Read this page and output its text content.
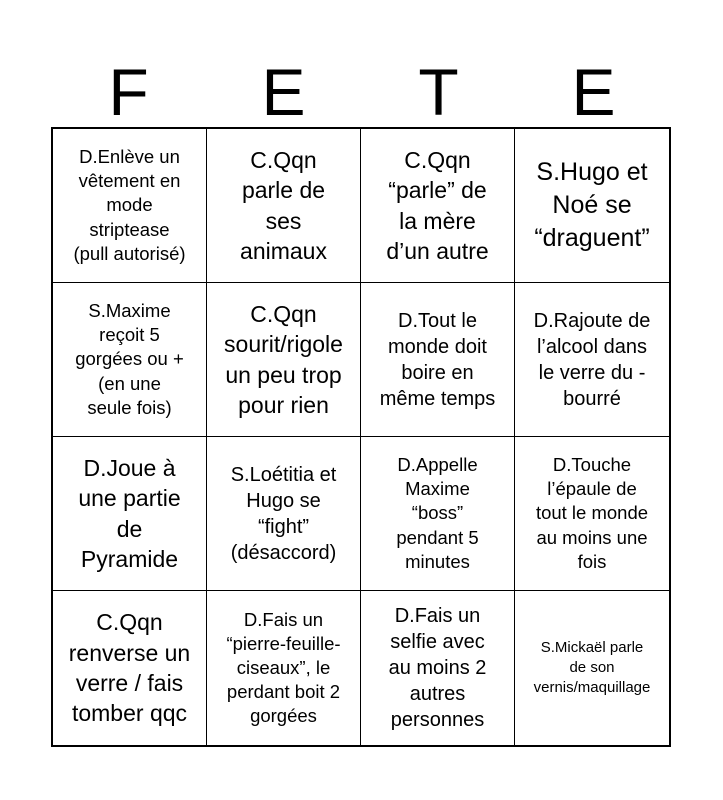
F	E	T	E
D.Enlève un
vêtement en
mode
striptease
(pull autorisé)
C.Qqn
parle de
ses
animaux
C.Qqn
“parle” de
la mère
d’un autre
S.Hugo et
Noé se
“draguent”
S.Maxime
reçoit 5
gorgées ou +
(en une
seule fois)
C.Qqn
sourit/rigole
un peu trop
pour rien
D.Tout le
monde doit
boire en
même temps
D.Rajoute de
l’alcool dans
le verre du -
bourré
D.Joue à
une partie
de
Pyramide
S.Loétitia et
Hugo se
“fight”
(désaccord)
D.Appelle
Maxime
“boss”
pendant 5
minutes
D.Touche
l’épaule de
tout le monde
au moins une
fois
C.Qqn
renverse un
verre / fais
tomber qqc
D.Fais un
“pierre-feuille-
ciseaux”, le
perdant boit 2
gorgées
D.Fais un
selfie avec
au moins 2
autres
personnes
S.Mickaël parle
de son
vernis/maquillage
